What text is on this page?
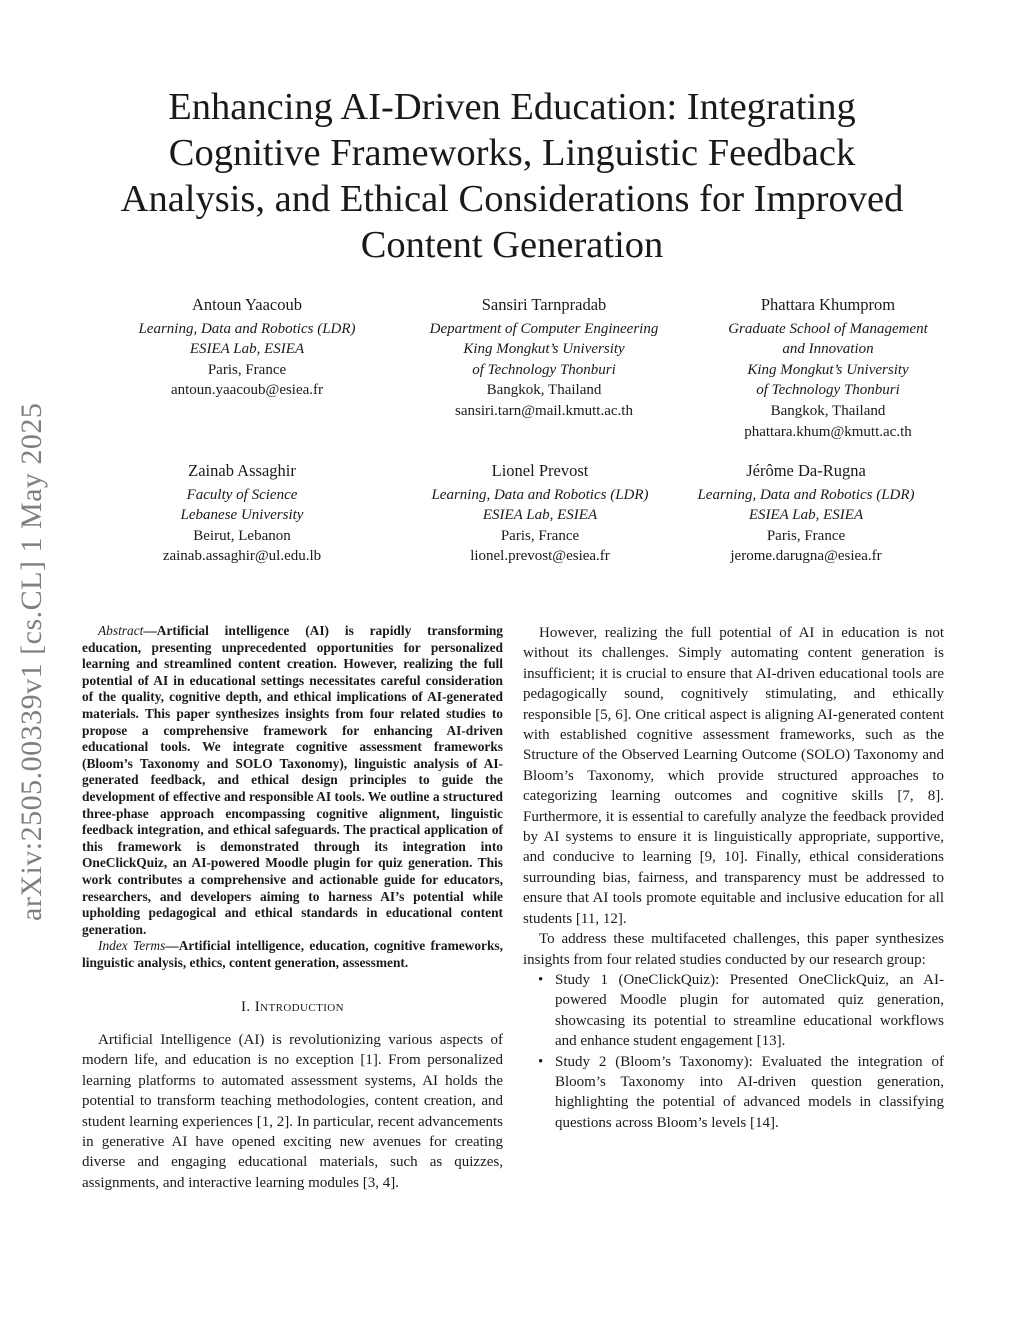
arXiv:2505.00339v1 [cs.CL] 1 May 2025
Enhancing AI-Driven Education: Integrating
Cognitive Frameworks, Linguistic Feedback
Analysis, and Ethical Considerations for Improved
Content Generation
Antoun Yaacoub
Learning, Data and Robotics (LDR)
ESIEA Lab, ESIEA
Paris, France
antoun.yaacoub@esiea.fr
Sansiri Tarnpradab
Department of Computer Engineering
King Mongkut’s University
of Technology Thonburi
Bangkok, Thailand
sansiri.tarn@mail.kmutt.ac.th
Phattara Khumprom
Graduate School of Management
and Innovation
King Mongkut’s University
of Technology Thonburi
Bangkok, Thailand
phattara.khum@kmutt.ac.th
Zainab Assaghir
Faculty of Science
Lebanese University
Beirut, Lebanon
zainab.assaghir@ul.edu.lb
Lionel Prevost
Learning, Data and Robotics (LDR)
ESIEA Lab, ESIEA
Paris, France
lionel.prevost@esiea.fr
Jérôme Da-Rugna
Learning, Data and Robotics (LDR)
ESIEA Lab, ESIEA
Paris, France
jerome.darugna@esiea.fr

Abstract—Artificial intelligence (AI) is rapidly transforming education, presenting unprecedented opportunities for personalized learning and streamlined content creation. However, realizing the full potential of AI in educational settings necessitates careful consideration of the quality, cognitive depth, and ethical implications of AI-generated materials. This paper synthesizes insights from four related studies to propose a comprehensive framework for enhancing AI-driven educational tools. We integrate cognitive assessment frameworks (Bloom’s Taxonomy and SOLO Taxonomy), linguistic analysis of AI-generated feedback, and ethical design principles to guide the development of effective and responsible AI tools. We outline a structured three-phase approach encompassing cognitive alignment, linguistic feedback integration, and ethical safeguards. The practical application of this framework is demonstrated through its integration into OneClickQuiz, an AI-powered Moodle plugin for quiz generation. This work contributes a comprehensive and actionable guide for educators, researchers, and developers aiming to harness AI’s potential while upholding pedagogical and ethical standards in educational content generation.

Index Terms—Artificial intelligence, education, cognitive frameworks, linguistic analysis, ethics, content generation, assessment.

I. Introduction

Artificial Intelligence (AI) is revolutionizing various aspects of modern life, and education is no exception [1]. From personalized learning platforms to automated assessment systems, AI holds the potential to transform teaching methodologies, content creation, and student learning experiences [1, 2]. In particular, recent advancements in generative AI have opened exciting new avenues for creating diverse and engaging educational materials, such as quizzes, assignments, and interactive learning modules [3, 4].

However, realizing the full potential of AI in education is not without its challenges. Simply automating content generation is insufficient; it is crucial to ensure that AI-driven educational tools are pedagogically sound, cognitively stimulating, and ethically responsible [5, 6]. One critical aspect is aligning AI-generated content with established cognitive assessment frameworks, such as the Structure of the Observed Learning Outcome (SOLO) Taxonomy and Bloom’s Taxonomy, which provide structured approaches to categorizing learning outcomes and cognitive skills [7, 8]. Furthermore, it is essential to carefully analyze the feedback provided by AI systems to ensure it is linguistically appropriate, supportive, and conducive to learning [9, 10]. Finally, ethical considerations surrounding bias, fairness, and transparency must be addressed to ensure that AI tools promote equitable and inclusive education for all students [11, 12].

To address these multifaceted challenges, this paper synthesizes insights from four related studies conducted by our research group:

• Study 1 (OneClickQuiz): Presented OneClickQuiz, an AI-powered Moodle plugin for automated quiz generation, showcasing its potential to streamline educational workflows and enhance student engagement [13].
• Study 2 (Bloom’s Taxonomy): Evaluated the integration of Bloom’s Taxonomy into AI-driven question generation, highlighting the potential of advanced models in classifying questions across Bloom’s levels [14].
